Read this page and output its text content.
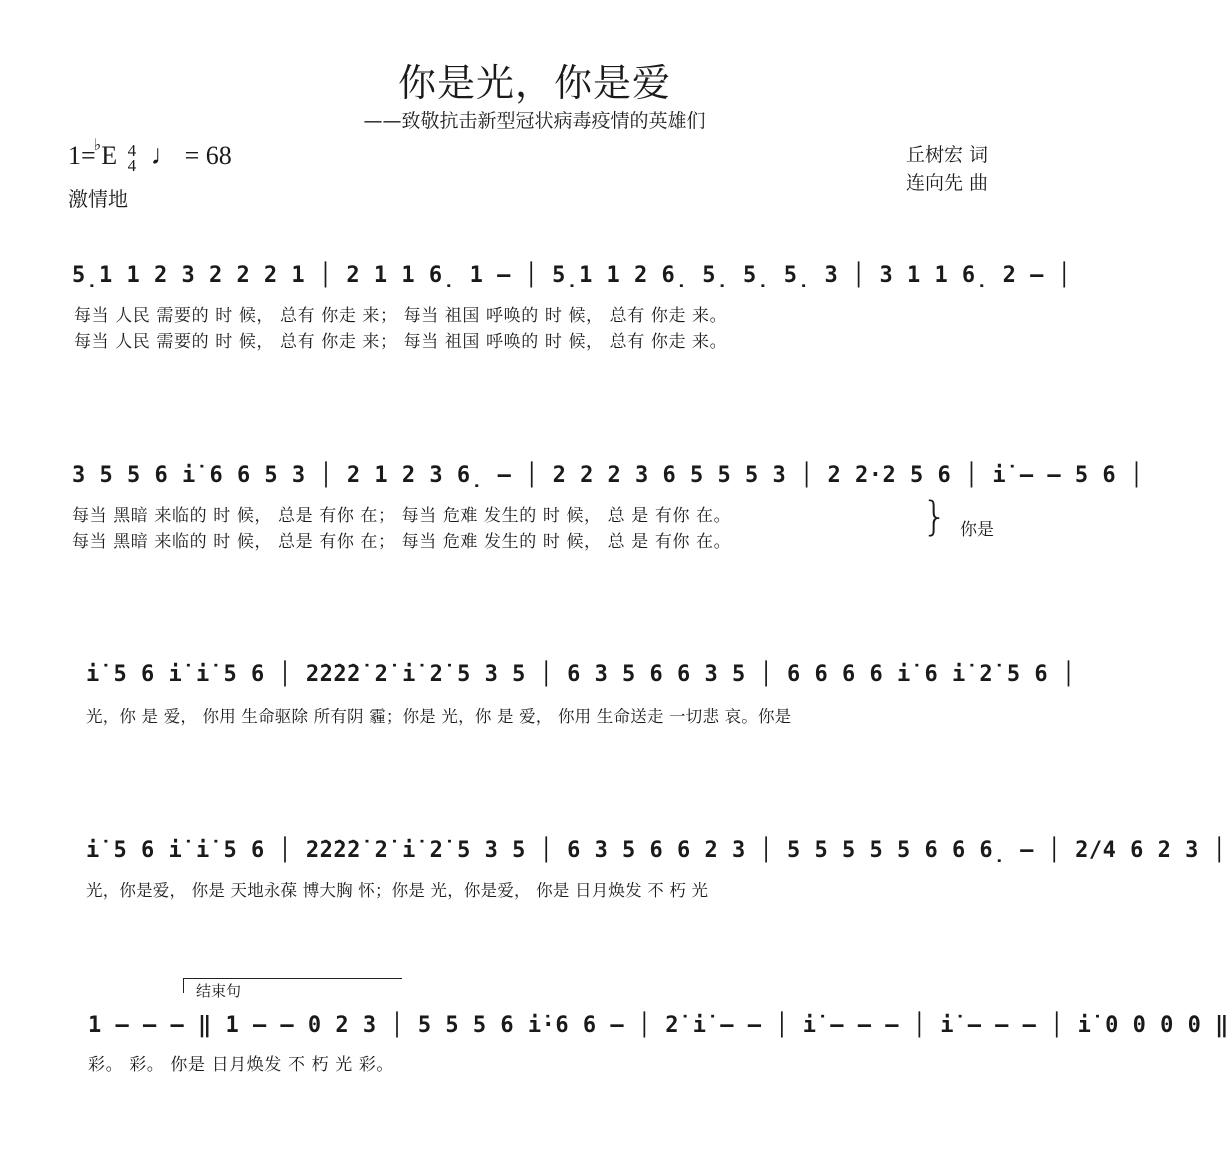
你是光，你是爱
——致敬抗击新型冠状病毒疫情的英雄们
1=♭E 4
4 ♩ = 68
激情地
丘树宏 词
连向先 曲
5̣1 1 2 3 2 2 2 1 │ 2 1 1 6̣ 1 – │ 5̣1 1 2 6̣ 5̣ 5̣ 5̣ 3 │ 3 1 1 6̣ 2 – │
每当 人民 需要的 时 候， 总有 你走 来； 每当 祖国 呼唤的 时 候， 总有 你走 来。
每当 人民 需要的 时 候， 总有 你走 来； 每当 祖国 呼唤的 时 候， 总有 你走 来。
3 5 5 6 i̇ 6 6 5 3 │ 2 1 2 3 6̣ – │ 2 2 2 3 6 5 5 5 3 │ 2 2·2 5 6 │ i̇ – – 5 6 │
每当 黑暗 来临的 时 候， 总是 有你 在； 每当 危难 发生的 时 候， 总 是 有你 在。
每当 黑暗 来临的 时 候， 总是 有你 在； 每当 危难 发生的 时 候， 总 是 有你 在。
} 你是
i̇ 5 6 i̇ i̇ 5 6 │ 2̇2̇2̇2̇ 2̇ i̇ 2̇ 5 3 5 │ 6 3 5 6 6 3 5 │ 6 6 6 6 i̇ 6 i̇ 2̇ 5 6 │
光，你 是 爱， 你用 生命驱除 所有阴 霾；你是 光，你 是 爱， 你用 生命送走 一切悲 哀。你是
i̇ 5 6 i̇ i̇ 5 6 │ 2̇2̇2̇2̇ 2̇ i̇ 2̇ 5 3 5 │ 6 3 5 6 6 2 3 │ 5 5 5 5 5 6 6 6̣ – │ 2/4 6 2 3 │
光，你是爱， 你是 天地永葆 博大胸 怀；你是 光，你是爱， 你是 日月焕发 不 朽 光
结束句
1 – – – ‖ 1 – – 0 2 3 │ 5 5 5 6 i̇·6 6 – │ 2̇ i̇ – – │ i̇ – – – │ i̇ – – – │ i̇ 0 0 0 0 ‖
彩。 彩。 你是 日月焕发 不 朽 光 彩。
